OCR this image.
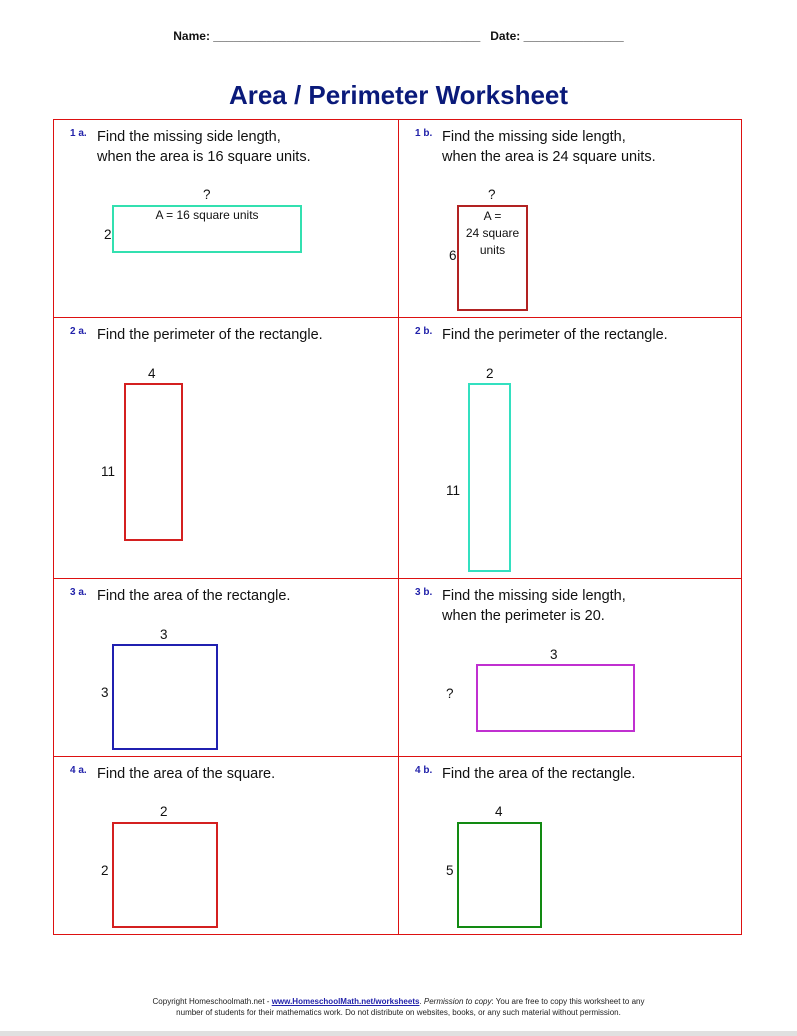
Name: ________________________________________ Date: _______________
Area / Perimeter Worksheet
1 a. Find the missing side length,
when the area is 16 square units.
?
A = 16 square units
2
1 b. Find the missing side length,
when the area is 24 square units.
?
A =
24 square
units
6
2 a. Find the perimeter of the rectangle.
4
11
2 b. Find the perimeter of the rectangle.
2
11
3 a. Find the area of the rectangle.
3
3
3 b. Find the missing side length,
when the perimeter is 20.
3
?
4 a. Find the area of the square.
2
2
4 b. Find the area of the rectangle.
4
5
Copyright Homeschoolmath.net - www.HomeschoolMath.net/worksheets. Permission to copy: You are free to copy this worksheet to any
number of students for their mathematics work. Do not distribute on websites, books, or any such material without permission.
